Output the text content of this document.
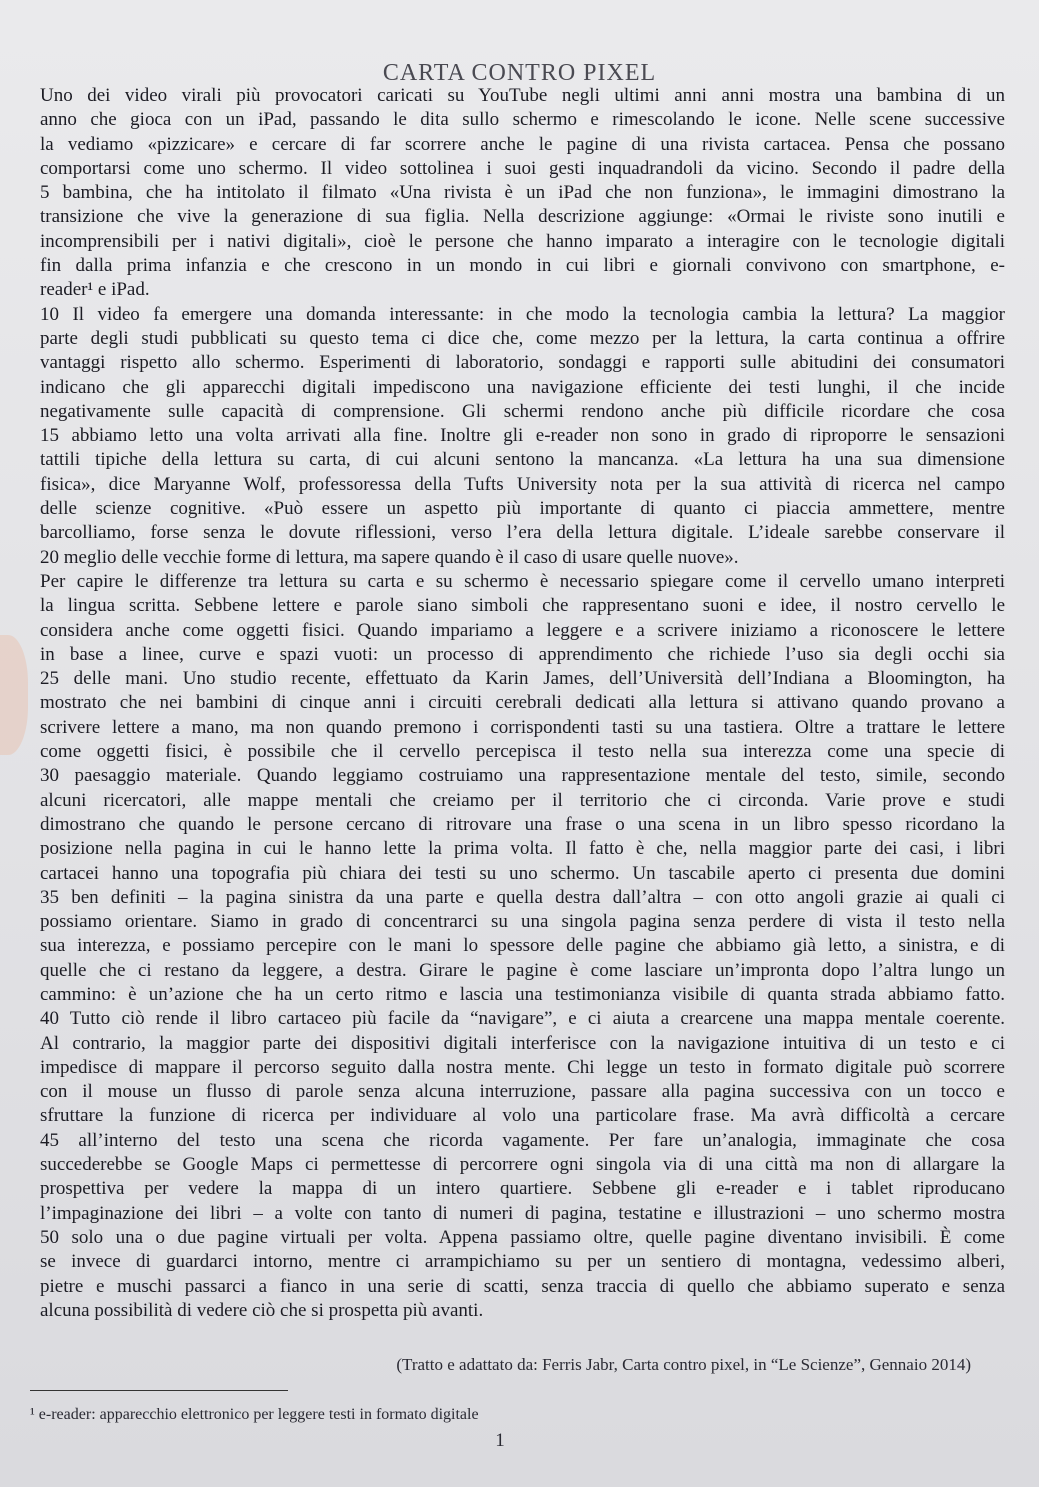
CARTA CONTRO PIXEL
Uno dei video virali più provocatori caricati su YouTube negli ultimi anni anni mostra una bambina di un
anno che gioca con un iPad, passando le dita sullo schermo e rimescolando le icone. Nelle scene successive
la vediamo «pizzicare» e cercare di far scorrere anche le pagine di una rivista cartacea. Pensa che possano
comportarsi come uno schermo. Il video sottolinea i suoi gesti inquadrandoli da vicino. Secondo il padre della
5 bambina, che ha intitolato il filmato «Una rivista è un iPad che non funziona», le immagini dimostrano la
transizione che vive la generazione di sua figlia. Nella descrizione aggiunge: «Ormai le riviste sono inutili e
incomprensibili per i nativi digitali», cioè le persone che hanno imparato a interagire con le tecnologie digitali
fin dalla prima infanzia e che crescono in un mondo in cui libri e giornali convivono con smartphone, e-
reader¹ e iPad.
10 Il video fa emergere una domanda interessante: in che modo la tecnologia cambia la lettura? La maggior
parte degli studi pubblicati su questo tema ci dice che, come mezzo per la lettura, la carta continua a offrire
vantaggi rispetto allo schermo. Esperimenti di laboratorio, sondaggi e rapporti sulle abitudini dei consumatori
indicano che gli apparecchi digitali impediscono una navigazione efficiente dei testi lunghi, il che incide
negativamente sulle capacità di comprensione. Gli schermi rendono anche più difficile ricordare che cosa
15 abbiamo letto una volta arrivati alla fine. Inoltre gli e-reader non sono in grado di riproporre le sensazioni
tattili tipiche della lettura su carta, di cui alcuni sentono la mancanza. «La lettura ha una sua dimensione
fisica», dice Maryanne Wolf, professoressa della Tufts University nota per la sua attività di ricerca nel campo
delle scienze cognitive. «Può essere un aspetto più importante di quanto ci piaccia ammettere, mentre
barcolliamo, forse senza le dovute riflessioni, verso l’era della lettura digitale. L’ideale sarebbe conservare il
20 meglio delle vecchie forme di lettura, ma sapere quando è il caso di usare quelle nuove».
Per capire le differenze tra lettura su carta e su schermo è necessario spiegare come il cervello umano interpreti
la lingua scritta. Sebbene lettere e parole siano simboli che rappresentano suoni e idee, il nostro cervello le
considera anche come oggetti fisici. Quando impariamo a leggere e a scrivere iniziamo a riconoscere le lettere
in base a linee, curve e spazi vuoti: un processo di apprendimento che richiede l’uso sia degli occhi sia
25 delle mani. Uno studio recente, effettuato da Karin James, dell’Università dell’Indiana a Bloomington, ha
mostrato che nei bambini di cinque anni i circuiti cerebrali dedicati alla lettura si attivano quando provano a
scrivere lettere a mano, ma non quando premono i corrispondenti tasti su una tastiera. Oltre a trattare le lettere
come oggetti fisici, è possibile che il cervello percepisca il testo nella sua interezza come una specie di
30 paesaggio materiale. Quando leggiamo costruiamo una rappresentazione mentale del testo, simile, secondo
alcuni ricercatori, alle mappe mentali che creiamo per il territorio che ci circonda. Varie prove e studi
dimostrano che quando le persone cercano di ritrovare una frase o una scena in un libro spesso ricordano la
posizione nella pagina in cui le hanno lette la prima volta. Il fatto è che, nella maggior parte dei casi, i libri
cartacei hanno una topografia più chiara dei testi su uno schermo. Un tascabile aperto ci presenta due domini
35 ben definiti – la pagina sinistra da una parte e quella destra dall’altra – con otto angoli grazie ai quali ci
possiamo orientare. Siamo in grado di concentrarci su una singola pagina senza perdere di vista il testo nella
sua interezza, e possiamo percepire con le mani lo spessore delle pagine che abbiamo già letto, a sinistra, e di
quelle che ci restano da leggere, a destra. Girare le pagine è come lasciare un’impronta dopo l’altra lungo un
cammino: è un’azione che ha un certo ritmo e lascia una testimonianza visibile di quanta strada abbiamo fatto.
40 Tutto ciò rende il libro cartaceo più facile da “navigare”, e ci aiuta a crearcene una mappa mentale coerente.
Al contrario, la maggior parte dei dispositivi digitali interferisce con la navigazione intuitiva di un testo e ci
impedisce di mappare il percorso seguito dalla nostra mente. Chi legge un testo in formato digitale può scorrere
con il mouse un flusso di parole senza alcuna interruzione, passare alla pagina successiva con un tocco e
sfruttare la funzione di ricerca per individuare al volo una particolare frase. Ma avrà difficoltà a cercare
45 all’interno del testo una scena che ricorda vagamente. Per fare un’analogia, immaginate che cosa
succederebbe se Google Maps ci permettesse di percorrere ogni singola via di una città ma non di allargare la
prospettiva per vedere la mappa di un intero quartiere. Sebbene gli e-reader e i tablet riproducano
l’impaginazione dei libri – a volte con tanto di numeri di pagina, testatine e illustrazioni – uno schermo mostra
50 solo una o due pagine virtuali per volta. Appena passiamo oltre, quelle pagine diventano invisibili. È come
se invece di guardarci intorno, mentre ci arrampichiamo su per un sentiero di montagna, vedessimo alberi,
pietre e muschi passarci a fianco in una serie di scatti, senza traccia di quello che abbiamo superato e senza
alcuna possibilità di vedere ciò che si prospetta più avanti.
(Tratto e adattato da: Ferris Jabr, Carta contro pixel, in “Le Scienze”, Gennaio 2014)
¹ e-reader: apparecchio elettronico per leggere testi in formato digitale
1
